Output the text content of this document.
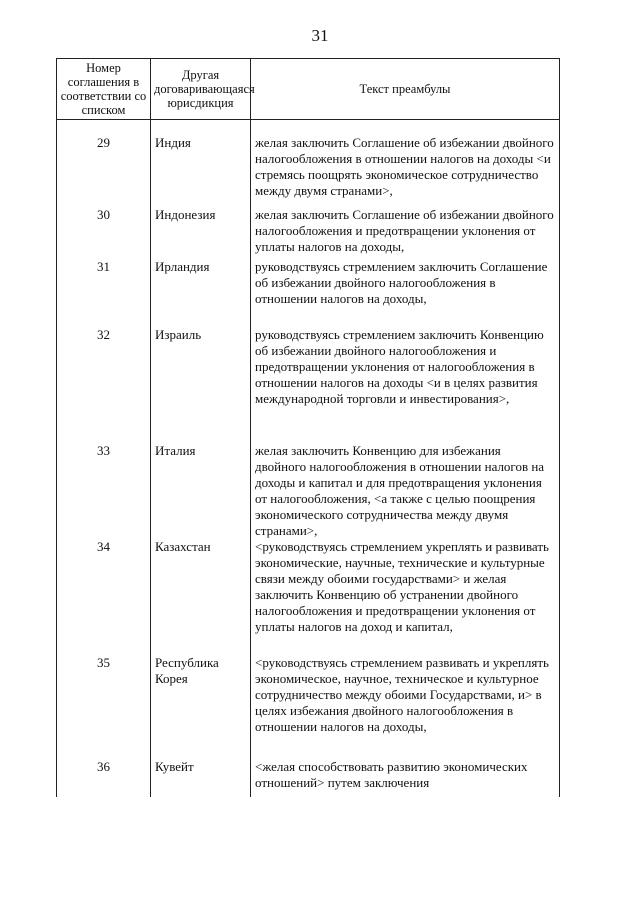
31
Номер соглашения в соответствии со списком	Другая договаривающаяся юрисдикция	Текст преамбулы
29	Индия	желая заключить Соглашение об избежании двойного налогообложения в отношении налогов на доходы <и стремясь поощрять экономическое сотрудничество между двумя странами>,
30	Индонезия	желая заключить Соглашение об избежании двойного налогообложения и предотвращении уклонения от уплаты налогов на доходы,
31	Ирландия	руководствуясь стремлением заключить Соглашение об избежании двойного налогообложения в отношении налогов на доходы,
32	Израиль	руководствуясь стремлением заключить Конвенцию об избежании двойного налогообложения и предотвращении уклонения от налогообложения в отношении налогов на доходы <и в целях развития международной торговли и инвестирования>,
33	Италия	желая заключить Конвенцию для избежания двойного налогообложения в отношении налогов на доходы и капитал и для предотвращения уклонения от налогообложения, <а также с целью поощрения экономического сотрудничества между двумя странами>,
34	Казахстан	<руководствуясь стремлением укреплять и развивать экономические, научные, технические и культурные связи между обоими государствами> и желая заключить Конвенцию об устранении двойного налогообложения и предотвращении уклонения от уплаты налогов на доход и капитал,
35	Республика Корея	<руководствуясь стремлением развивать и укреплять экономическое, научное, техническое и культурное сотрудничество между обоими Государствами, и> в целях избежания двойного налогообложения в отношении налогов на доходы,
36	Кувейт	<желая способствовать развитию экономических отношений> путем заключения
